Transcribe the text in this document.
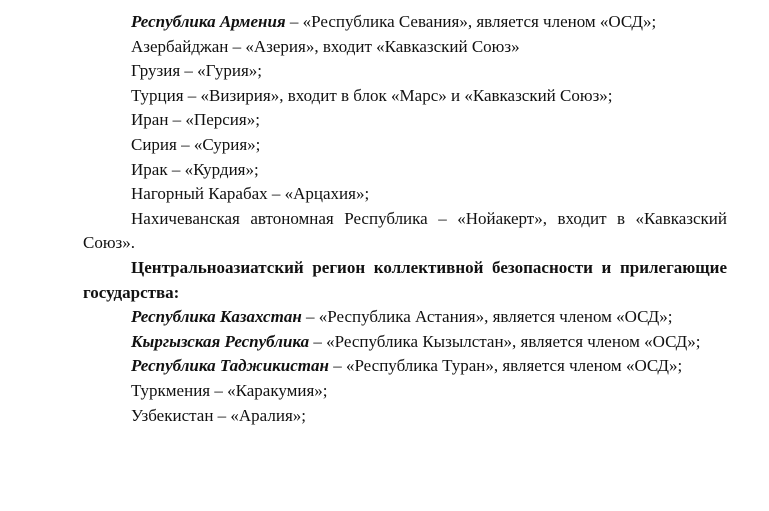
Республика Армения – «Республика Севания», является членом «ОСД»;

Азербайджан – «Азерия», входит «Кавказский Союз»

Грузия – «Гурия»;

Турция – «Визирия», входит в блок «Марс» и «Кавказский Союз»;

Иран – «Персия»;

Сирия – «Сурия»;

Ирак – «Курдия»;

Нагорный Карабах – «Арцахия»;

Нахичеванская автономная Республика – «Нойакерт», входит в «Кавказский Союз».

Центральноазиатский регион коллективной безопасности и прилегающие государства:

Республика Казахстан – «Республика Астания», является членом «ОСД»;

Кыргызская Республика – «Республика Кызылстан», является членом «ОСД»;

Республика Таджикистан – «Республика Туран», является членом «ОСД»;

Туркмения – «Каракумия»;

Узбекистан – «Аралия»;
